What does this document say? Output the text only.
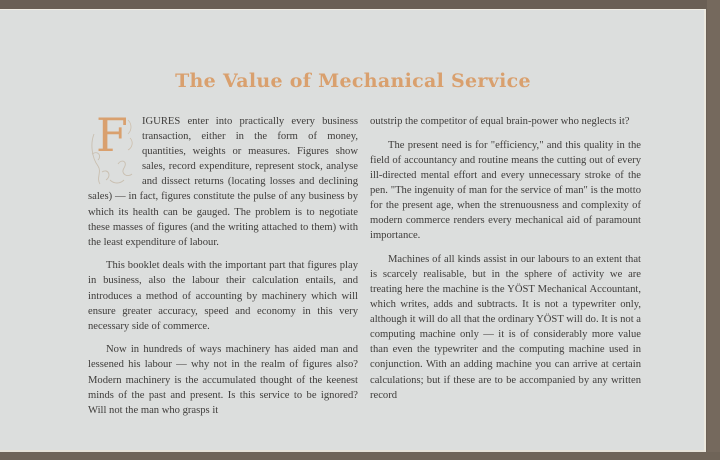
The Value of Mechanical Service

F IGURES enter into practically every business transaction, either in the form of money, quantities, weights or measures. Figures show sales, record expenditure, represent stock, analyse and dissect returns (locating losses and declining sales) — in fact, figures constitute the pulse of any business by which its health can be gauged. The problem is to negotiate these masses of figures (and the writing attached to them) with the least expenditure of labour.

This booklet deals with the important part that figures play in business, also the labour their calculation entails, and introduces a method of accounting by machinery which will ensure greater accuracy, speed and economy in this very necessary side of commerce.

Now in hundreds of ways machinery has aided man and lessened his labour — why not in the realm of figures also? Modern machinery is the accumulated thought of the keenest minds of the past and present. Is this service to be ignored? Will not the man who grasps it

outstrip the competitor of equal brain-power who neglects it?

The present need is for "efficiency," and this quality in the field of accountancy and routine means the cutting out of every ill-directed mental effort and every unnecessary stroke of the pen. "The ingenuity of man for the service of man" is the motto for the present age, when the strenuousness and complexity of modern commerce renders every mechanical aid of paramount importance.

Machines of all kinds assist in our labours to an extent that is scarcely realisable, but in the sphere of activity we are treating here the machine is the YÖST Mechanical Accountant, which writes, adds and subtracts. It is not a typewriter only, although it will do all that the ordinary YÖST will do. It is not a computing machine only — it is of considerably more value than even the typewriter and the computing machine used in conjunction. With an adding machine you can arrive at certain calculations; but if these are to be accompanied by any written record
